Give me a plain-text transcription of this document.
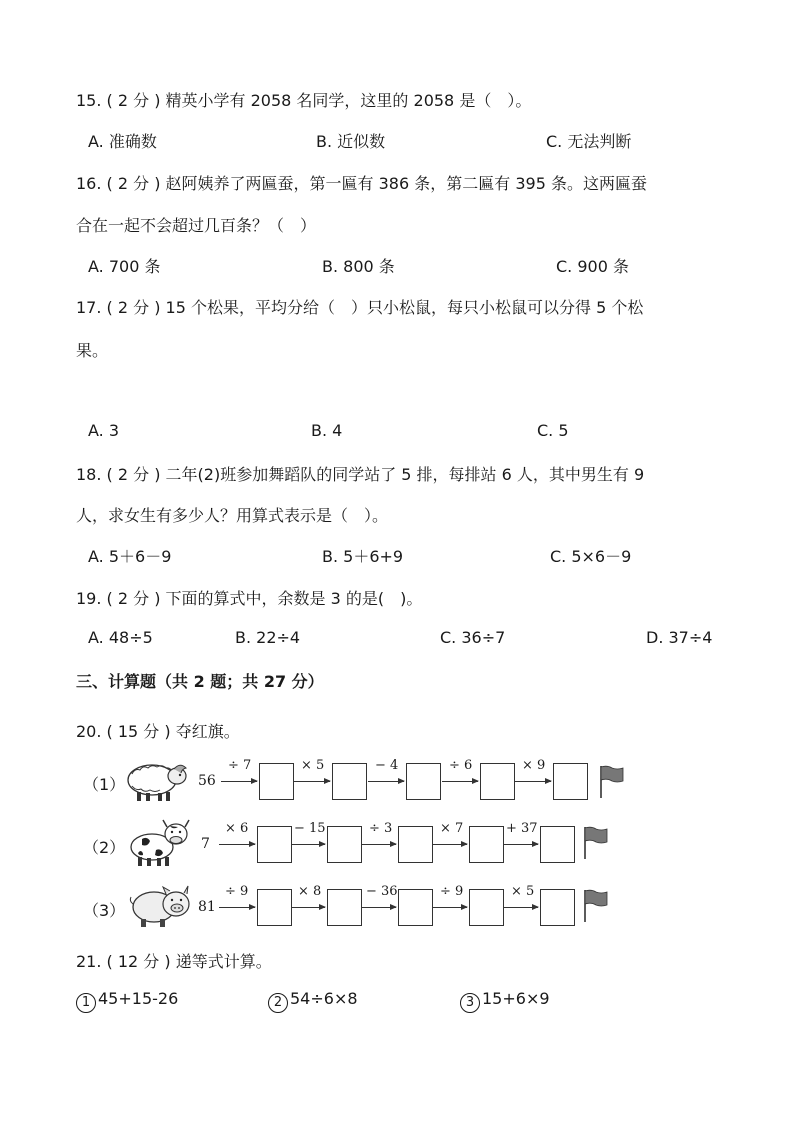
15. ( 2 分 ) 精英小学有 2058 名同学，这里的 2058 是（　）。
A. 准确数	B. 近似数	C. 无法判断
16. ( 2 分 ) 赵阿姨养了两匾蚕，第一匾有 386 条，第二匾有 395 条。这两匾蚕
合在一起不会超过几百条？（　）
A. 700 条	B. 800 条	C. 900 条
17. ( 2 分 ) 15 个松果，平均分给（　）只小松鼠，每只小松鼠可以分得 5 个松
果。
A. 3	B. 4	C. 5
18. ( 2 分 ) 二年(2)班参加舞蹈队的同学站了 5 排，每排站 6 人，其中男生有 9
人，求女生有多少人？用算式表示是（　）。
A. 5＋6－9	B. 5＋6+9	C. 5×6－9
19. ( 2 分 ) 下面的算式中，余数是 3 的是(　)。
A. 48÷5	B. 22÷4	C. 36÷7	D. 37÷4
三、计算题（共 2 题；共 27 分）
20. ( 15 分 ) 夺红旗。
（1）	56
÷ 7	× 5	− 4	÷ 6	× 9
（2）	7
× 6	− 15	÷ 3	× 7	+ 37
（3）	81
÷ 9	× 8	− 36	÷ 9	× 5
21. ( 12 分 ) 递等式计算。
1 45+15-26	2 54÷6×8	3 15+6×9
